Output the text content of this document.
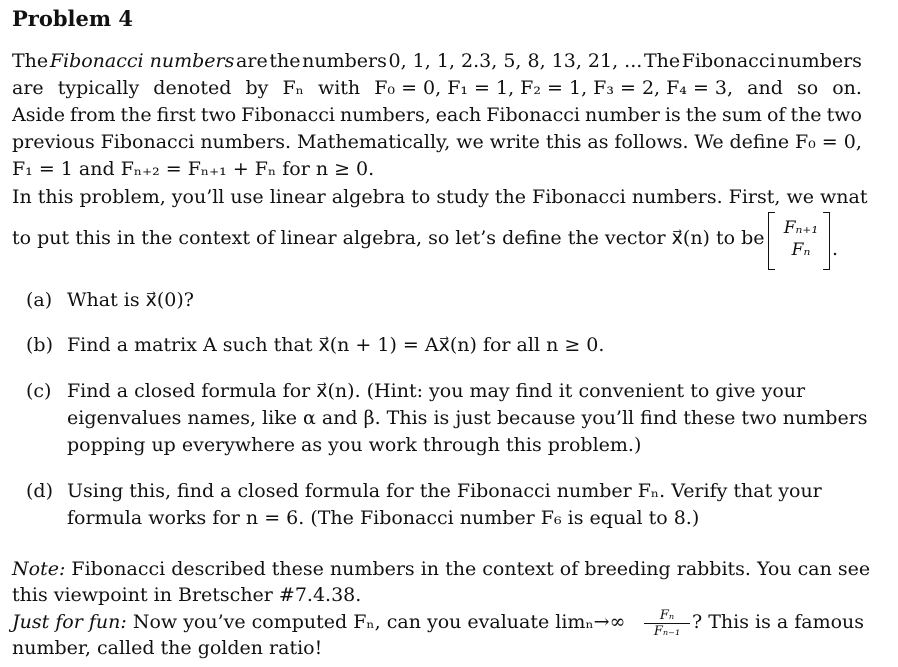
Problem 4
The Fibonacci numbers are the numbers 0, 1, 1, 2.3, 5, 8, 13, 21, ... The Fibonacci numbers
are typically denoted by Fₙ with F₀ = 0, F₁ = 1, F₂ = 1, F₃ = 2, F₄ = 3, and so on.
Aside from the first two Fibonacci numbers, each Fibonacci number is the sum of the two
previous Fibonacci numbers. Mathematically, we write this as follows. We define F₀ = 0,
F₁ = 1 and Fₙ₊₂ = Fₙ₊₁ + Fₙ for n ≥ 0.
In this problem, you’ll use linear algebra to study the Fibonacci numbers. First, we wnat
to put this in the context of linear algebra, so let’s define the vector x⃗(n) to be	Fₙ₊₁
Fₙ	.
(a) What is x⃗(0)?
(b) Find a matrix A such that x⃗(n + 1) = Ax⃗(n) for all n ≥ 0.
(c) Find a closed formula for x⃗(n). (Hint: you may find it convenient to give your
eigenvalues names, like α and β. This is just because you’ll find these two numbers
popping up everywhere as you work through this problem.)
(d) Using this, find a closed formula for the Fibonacci number Fₙ. Verify that your
formula works for n = 6. (The Fibonacci number F₆ is equal to 8.)
Note: Fibonacci described these numbers in the context of breeding rabbits. You can see
this viewpoint in Bretscher #7.4.38.
Just for fun: Now you’ve computed Fₙ, can you evaluate $\lim_n\to\infty \frac{\text{Fₙ}}{\text{Fₙ₋₁}}$ ? This is a famous
number, called the golden ratio!
